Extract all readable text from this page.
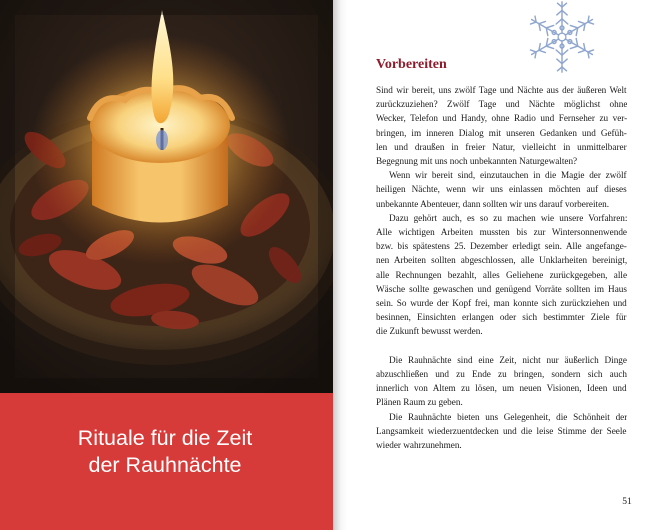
Rituale für die Zeit
der Rauhnächte
Vorbereiten
Sind wir bereit, uns zwölf Tage und Nächte aus der äußeren Welt
zurückzuziehen? Zwölf Tage und Nächte möglichst ohne
Wecker, Telefon und Handy, ohne Radio und Fernseher zu ver-
bringen, im inneren Dialog mit unseren Gedanken und Gefüh-
len und draußen in freier Natur, vielleicht in unmittelbarer
Begegnung mit uns noch unbekannten Naturgewalten?
Wenn wir bereit sind, einzutauchen in die Magie der zwölf
heiligen Nächte, wenn wir uns einlassen möchten auf dieses
unbekannte Abenteuer, dann sollten wir uns darauf vorbereiten.
Dazu gehört auch, es so zu machen wie unsere Vorfahren:
Alle wichtigen Arbeiten mussten bis zur Wintersonnenwende
bzw. bis spätestens 25. Dezember erledigt sein. Alle angefange-
nen Arbeiten sollten abgeschlossen, alle Unklarheiten bereinigt,
alle Rechnungen bezahlt, alles Geliehene zurückgegeben, alle
Wäsche sollte gewaschen und genügend Vorräte sollten im Haus
sein. So wurde der Kopf frei, man konnte sich zurückziehen und
besinnen, Einsichten erlangen oder sich bestimmter Ziele für
die Zukunft bewusst werden.
Die Rauhnächte sind eine Zeit, nicht nur äußerlich Dinge
abzuschließen und zu Ende zu bringen, sondern sich auch
innerlich von Altem zu lösen, um neuen Visionen, Ideen und
Plänen Raum zu geben.
Die Rauhnächte bieten uns Gelegenheit, die Schönheit der
Langsamkeit wiederzuentdecken und die leise Stimme der Seele
wieder wahrzunehmen.
51
